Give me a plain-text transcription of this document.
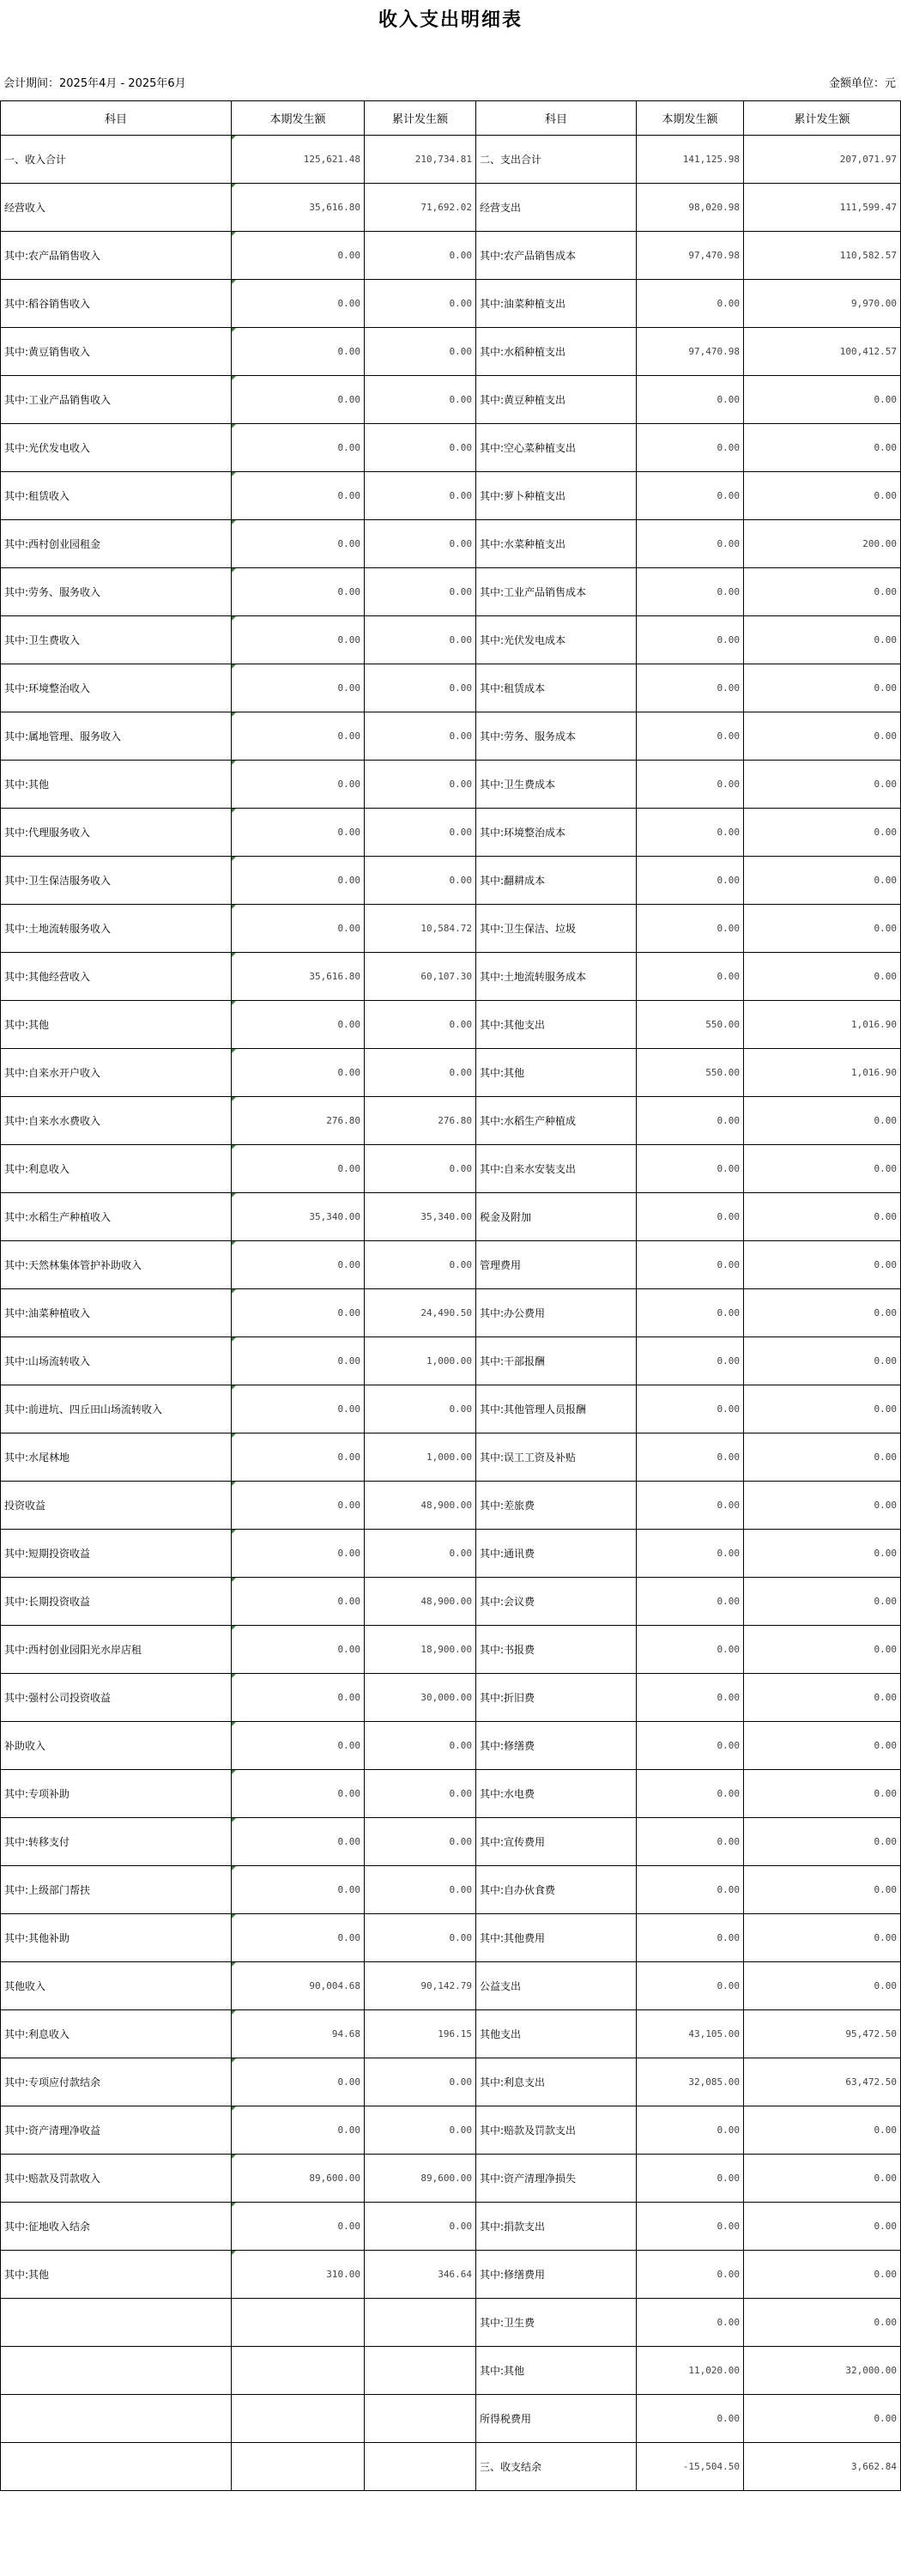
收入支出明细表
会计期间：2025年4月 - 2025年6月	金额单位：元
科目	本期发生额	累计发生额	科目	本期发生额	累计发生额
一、收入合计	125,621.48	210,734.81	二、支出合计	141,125.98	207,071.97
经营收入	35,616.80	71,692.02	经营支出	98,020.98	111,599.47
其中:农产品销售收入	0.00	0.00	其中:农产品销售成本	97,470.98	110,582.57
其中:稻谷销售收入	0.00	0.00	其中:油菜种植支出	0.00	9,970.00
其中:黄豆销售收入	0.00	0.00	其中:水稻种植支出	97,470.98	100,412.57
其中:工业产品销售收入	0.00	0.00	其中:黄豆种植支出	0.00	0.00
其中:光伏发电收入	0.00	0.00	其中:空心菜种植支出	0.00	0.00
其中:租赁收入	0.00	0.00	其中:萝卜种植支出	0.00	0.00
其中:西村创业园租金	0.00	0.00	其中:水菜种植支出	0.00	200.00
其中:劳务、服务收入	0.00	0.00	其中:工业产品销售成本	0.00	0.00
其中:卫生费收入	0.00	0.00	其中:光伏发电成本	0.00	0.00
其中:环境整治收入	0.00	0.00	其中:租赁成本	0.00	0.00
其中:属地管理、服务收入	0.00	0.00	其中:劳务、服务成本	0.00	0.00
其中:其他	0.00	0.00	其中:卫生费成本	0.00	0.00
其中:代理服务收入	0.00	0.00	其中:环境整治成本	0.00	0.00
其中:卫生保洁服务收入	0.00	0.00	其中:翻耕成本	0.00	0.00
其中:土地流转服务收入	0.00	10,584.72	其中:卫生保洁、垃圾	0.00	0.00
其中:其他经营收入	35,616.80	60,107.30	其中:土地流转服务成本	0.00	0.00
其中:其他	0.00	0.00	其中:其他支出	550.00	1,016.90
其中:自来水开户收入	0.00	0.00	其中:其他	550.00	1,016.90
其中:自来水水费收入	276.80	276.80	其中:水稻生产种植成	0.00	0.00
其中:利息收入	0.00	0.00	其中:自来水安装支出	0.00	0.00
其中:水稻生产种植收入	35,340.00	35,340.00	税金及附加	0.00	0.00
其中:天然林集体管护补助收入	0.00	0.00	管理费用	0.00	0.00
其中:油菜种植收入	0.00	24,490.50	其中:办公费用	0.00	0.00
其中:山场流转收入	0.00	1,000.00	其中:干部报酬	0.00	0.00
其中:前进坑、四丘田山场流转收入	0.00	0.00	其中:其他管理人员报酬	0.00	0.00
其中:水尾林地	0.00	1,000.00	其中:误工工资及补贴	0.00	0.00
投资收益	0.00	48,900.00	其中:差旅费	0.00	0.00
其中:短期投资收益	0.00	0.00	其中:通讯费	0.00	0.00
其中:长期投资收益	0.00	48,900.00	其中:会议费	0.00	0.00
其中:西村创业园阳光水岸店租	0.00	18,900.00	其中:书报费	0.00	0.00
其中:强村公司投资收益	0.00	30,000.00	其中:折旧费	0.00	0.00
补助收入	0.00	0.00	其中:修缮费	0.00	0.00
其中:专项补助	0.00	0.00	其中:水电费	0.00	0.00
其中:转移支付	0.00	0.00	其中:宣传费用	0.00	0.00
其中:上级部门帮扶	0.00	0.00	其中:自办伙食费	0.00	0.00
其中:其他补助	0.00	0.00	其中:其他费用	0.00	0.00
其他收入	90,004.68	90,142.79	公益支出	0.00	0.00
其中:利息收入	94.68	196.15	其他支出	43,105.00	95,472.50
其中:专项应付款结余	0.00	0.00	其中:利息支出	32,085.00	63,472.50
其中:资产清理净收益	0.00	0.00	其中:赔款及罚款支出	0.00	0.00
其中:赔款及罚款收入	89,600.00	89,600.00	其中:资产清理净损失	0.00	0.00
其中:征地收入结余	0.00	0.00	其中:捐款支出	0.00	0.00
其中:其他	310.00	346.64	其中:修缮费用	0.00	0.00
			其中:卫生费	0.00	0.00
			其中:其他	11,020.00	32,000.00
			所得税费用	0.00	0.00
			三、收支结余	-15,504.50	3,662.84
